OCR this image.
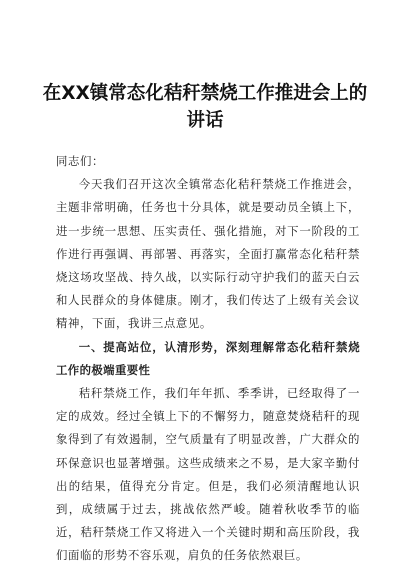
在XX镇常态化秸秆禁烧工作推进会上的讲话

同志们：

今天我们召开这次全镇常态化秸秆禁烧工作推进会，主题非常明确，任务也十分具体，就是要动员全镇上下，进一步统一思想、压实责任、强化措施，对下一阶段的工作进行再强调、再部署、再落实，全面打赢常态化秸秆禁烧这场攻坚战、持久战，以实际行动守护我们的蓝天白云和人民群众的身体健康。刚才，我们传达了上级有关会议精神，下面，我讲三点意见。

一、提高站位，认清形势，深刻理解常态化秸秆禁烧工作的极端重要性

秸秆禁烧工作，我们年年抓、季季讲，已经取得了一定的成效。经过全镇上下的不懈努力，随意焚烧秸秆的现象得到了有效遏制，空气质量有了明显改善，广大群众的环保意识也显著增强。这些成绩来之不易，是大家辛勤付出的结果，值得充分肯定。但是，我们必须清醒地认识到，成绩属于过去，挑战依然严峻。随着秋收季节的临近，秸秆禁烧工作又将进入一个关键时期和高压阶段，我们面临的形势不容乐观，肩负的任务依然艰巨。
